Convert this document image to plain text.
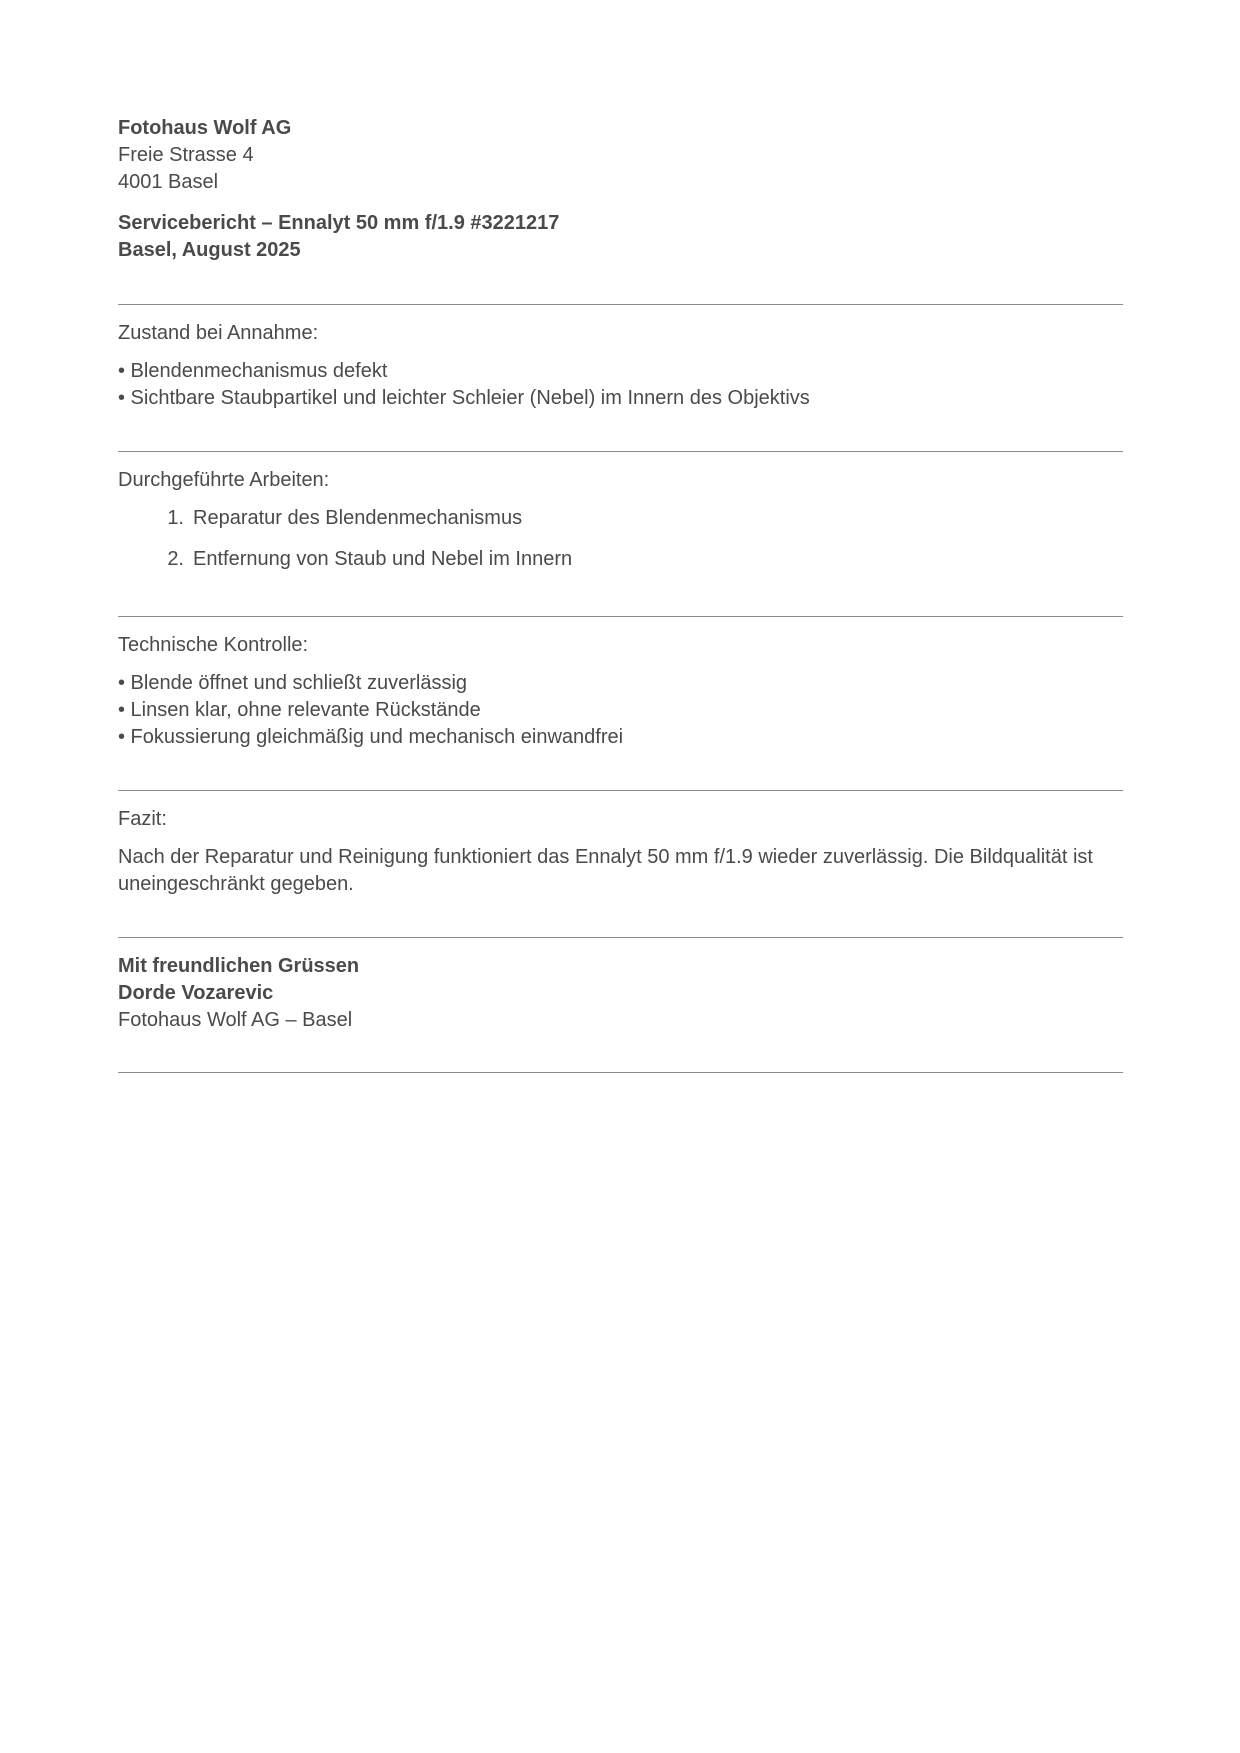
Fotohaus Wolf AG
Freie Strasse 4
4001 Basel
Servicebericht – Ennalyt 50 mm f/1.9 #3221217
Basel, August 2025
Zustand bei Annahme:
• Blendenmechanismus defekt
• Sichtbare Staubpartikel und leichter Schleier (Nebel) im Innern des Objektivs
Durchgeführte Arbeiten:
1. Reparatur des Blendenmechanismus
2. Entfernung von Staub und Nebel im Innern
Technische Kontrolle:
• Blende öffnet und schließt zuverlässig
• Linsen klar, ohne relevante Rückstände
• Fokussierung gleichmäßig und mechanisch einwandfrei
Fazit:

Nach der Reparatur und Reinigung funktioniert das Ennalyt 50 mm f/1.9 wieder zuverlässig. Die Bildqualität ist uneingeschränkt gegeben.

Mit freundlichen Grüssen
Dorde Vozarevic
Fotohaus Wolf AG – Basel
